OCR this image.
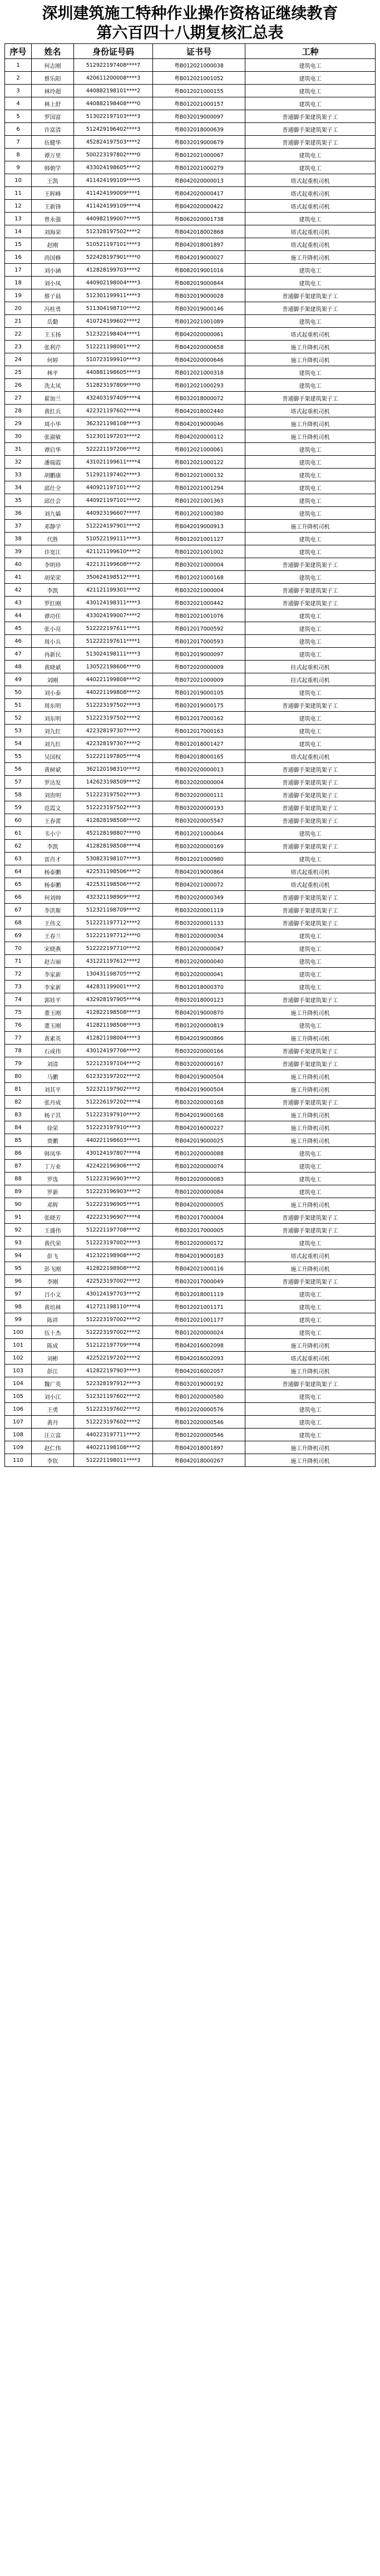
深圳建筑施工特种作业操作资格证继续教育
第六百四十八期复核汇总表
序号	姓名	身份证号码	证书号	工种
1	何志刚	512922197408****7	粤B012021000038	建筑电工
2	蔡乐阳	420611200008****3	粤B012021001052	建筑电工
3	林玲超	440882198101****2	粤B012021000155	建筑电工
4	林上舒	440882198408****0	粤B012021000157	建筑电工
5	罗国富	513022197103****3	粤B032019000097	普通脚手架建筑架子工
6	许富清	512429196402****3	粤B032018000639	普通脚手架建筑架子工
7	伍健华	452824197503****2	粤B032019000679	普通脚手架建筑架子工
8	谭万里	500223197802****0	粤B012021000067	建筑电工
9	韩朝学	433024198605****2	粤B012021000279	建筑电工
10	王凯	411424199109****5	粤B042020000013	塔式起重机司机
11	王晖峰	411424199009****1	粤B042020000417	塔式起重机司机
12	王新锋	411424199109****4	粤B042020000422	塔式起重机司机
13	曾永强	440982199007****5	粤B062020001738	建筑电工
14	刘海荣	512328197502****2	粤B042018002868	塔式起重机司机
15	赵刚	510521197101****3	粤B042018001897	塔式起重机司机
16	尚国修	522428197901****0	粤B042019000027	施工升降机司机
17	刘小涵	412828199703****2	粤B082019001016	建筑电工
18	刘小凤	440902198004****3	粤B082019000844	建筑电工
19	蔡子晨	512301199911****3	粤B032019000028	普通脚手架建筑架子工
20	冯桂勇	511304198710****2	粤B032019000146	普通脚手架建筑架子工
21	岳勤	410724199602****2	粤B012021001089	建筑电工
22	王玉扬	512322198404****1	粤B042020000061	塔式起重机司机
23	张利芹	512221198001****2	粤B042020000658	施工升降机司机
24	何婷	510723199910****3	粤B042020000646	施工升降机司机
25	林平	440881198605****3	粤B012021000318	建筑电工
26	冼太凤	512823197809****0	粤B012021000293	建筑电工
27	翟加兰	432403197409****4	粤B032018000072	普通脚手架建筑架子工
28	黄红兵	422321197602****4	粤B042018002440	塔式起重机司机
29	周小华	362321198108****3	粤B042019000046	施工升降机司机
30	张淑敏	512301197203****2	粤B042020000112	施工升降机司机
31	谭启华	522221197206****2	粤B012021000061	建筑电工
32	潘瑞霞	431021199611****4	粤B012021000122	建筑电工
33	胡鹏康	512921197402****3	粤B012021000132	建筑电工
34	邱仕全	440921197101****2	粤B012021001294	建筑电工
35	邱仕会	440921197101****2	粤B012021001363	建筑电工
36	刘九嫱	440923196607****7	粤B012021000380	建筑电工
37	邓静学	512224197901****2	粤B042019000913	施工升降机司机
38	代胜	510522199111****3	粤B012021001127	建筑电工
39	许宽江	421121199610****2	粤B012021001002	建筑电工
40	李明珍	422131199608****2	粤B032021000004	普通脚手架建筑架子工
41	胡荣荣	350624198512****1	粤B012021000168	建筑电工
42	李凯	421121199301****2	粤B032021000004	普通脚手架建筑架子工
43	罗红刚	430124198311****3	粤B032021000442	普通脚手架建筑架子工
44	谭功任	433024199007****2	粤B012021001076	建筑电工
45	张小亮	512222197611****1	粤B012017000592	建筑电工
46	周小兵	512222197611****1	粤B012017000593	建筑电工
47	冉新民	513024198111****3	粤B012019000097	建筑电工
48	黄晓斌	130522198606****0	粤B072020000009	挂式起重机司机
49	刘刚	440221199808****2	粤B072021000009	挂式起重机司机
50	刘小泰	440221199808****2	粤B012019000105	建筑电工
51	周东明	512223197502****3	粤B032019000175	普通脚手架建筑架子工
52	刘东明	512223197502****2	粤B012017000162	建筑电工
53	刘九红	422328197307****2	粤B012017000163	建筑电工
54	刘九红	422328197307****2	粤B012018001427	建筑电工
55	吴国权	512221197805****4	粤B042018000165	塔式起重机司机
56	黄树斌	362120198310****2	粤B032020000013	普通脚手架建筑架子工
57	罗达发	142623198509****2	粤B032020000004	普通脚手架建筑架子工
58	刘贵明	512223197502****3	粤B032020000111	普通脚手架建筑架子工
59	范霞文	512223197502****3	粤B032020000193	普通脚手架建筑架子工
60	王春蕾	412828198508****2	粤B032020005547	普通脚手架建筑架子工
61	韦小宁	452128198807****0	粤B012021000044	建筑电工
62	李凯	412828198508****4	粤B032020000169	普通脚手架建筑架子工
63	雷肖才	530823198107****3	粤B012021000980	建筑电工
64	杨泰鹏	422531198506****2	粤B042019000864	塔式起重机司机
65	杨泰鹏	422531198506****2	粤B042021000072	塔式起重机司机
66	何刘帅	432321198909****2	粤B032020000349	普通脚手架建筑架子工
67	李洪斯	512321198709****2	粤B032020001119	普通脚手架建筑架子工
68	王伟文	512221197712****2	粤B032020001133	普通脚手架建筑架子工
69	王春兰	512221197712****0	粤B012020000034	建筑电工
70	宋晓燕	512222197710****2	粤B012020000047	建筑电工
71	赵吉丽	431221197612****2	粤B012020000040	建筑电工
72	李家新	130431198705****2	粤B012020000041	建筑电工
73	李家新	442831199001****2	粤B012018000370	建筑电工
74	郭娃平	432928197905****4	粤B032018000123	普通脚手架建筑架子工
75	董玉刚	412822198508****3	粤B042019000870	施工升降机司机
76	董玉刚	412821198508****3	粤B012020000819	建筑电工
77	黄素英	412821198004****3	粤B042019000866	施工升降机司机
78	石成伟	430124197706****2	粤B032020000166	普通脚手架建筑架子工
79	刘清	522123197104****2	粤B032020000167	普通脚手架建筑架子工
80	马鹏	612323197202****2	粤B042019000504	施工升降机司机
81	刘其平	522321197902****2	粤B042019000504	施工升降机司机
82	张丹成	512226197202****4	粤B032020000168	普通脚手架建筑架子工
83	杨子其	512223197910****2	粤B042019000168	施工升降机司机
84	徐荣	512223197910****3	粤B042016000227	施工升降机司机
85	贾鹏	440221198603****1	粤B042019000025	施工升降机司机
86	韩凤华	430124197807****4	粤B012020000088	建筑电工
87	丁万业	422422196906****2	粤B012020000074	建筑电工
88	罗选	512223196903****2	粤B012020000083	建筑电工
89	罗新	512223196903****2	粤B012020000084	建筑电工
90	邓辉	512223196905****1	粤B042020000005	施工升降机司机
91	张晓芳	422223196907****4	粤B032017000004	普通脚手架建筑架子工
92	王盛伟	512221197708****2	粤B032017000005	普通脚手架建筑架子工
93	黄代荣	512223197002****3	粤B012020000172	建筑电工
94	彭飞	412322198908****2	粤B042019000183	塔式起重机司机
95	彭飞刚	412822198908****2	粤B042021000116	施工升降机司机
96	李刚	422523197002****2	粤B032017000049	普通脚手架建筑架子工
97	吕小文	430124197703****2	粤B012018001119	建筑电工
98	黄培林	412721198110****4	粤B012021001171	建筑电工
99	陈祥	512223197002****2	粤B012021001177	建筑电工
100	伍十杰	512223197002****2	粤B012020000024	建筑电工
101	陈成	512122197709****4	粤B042016002098	施工升降机司机
102	刘彬	422522197202****2	粤B042016002093	塔式起重机司机
103	彭江	412822197903****3	粤B042016002057	施工升降机司机
104	魏广英	522328197912****3	粤B032019000192	普通脚手架建筑架子工
105	刘小江	512321197602****2	粤B012020000580	建筑电工
106	王勇	512223197602****2	粤B012020000576	建筑电工
107	黄丹	512223197602****2	粤B012020000546	建筑电工
108	汪立富	440223197711****2	粤B012020000546	建筑电工
109	赵仁伟	440221198108****2	粤B042018001897	施工升降机司机
110	李钦	512221198011****3	粤B042018000267	施工升降机司机
